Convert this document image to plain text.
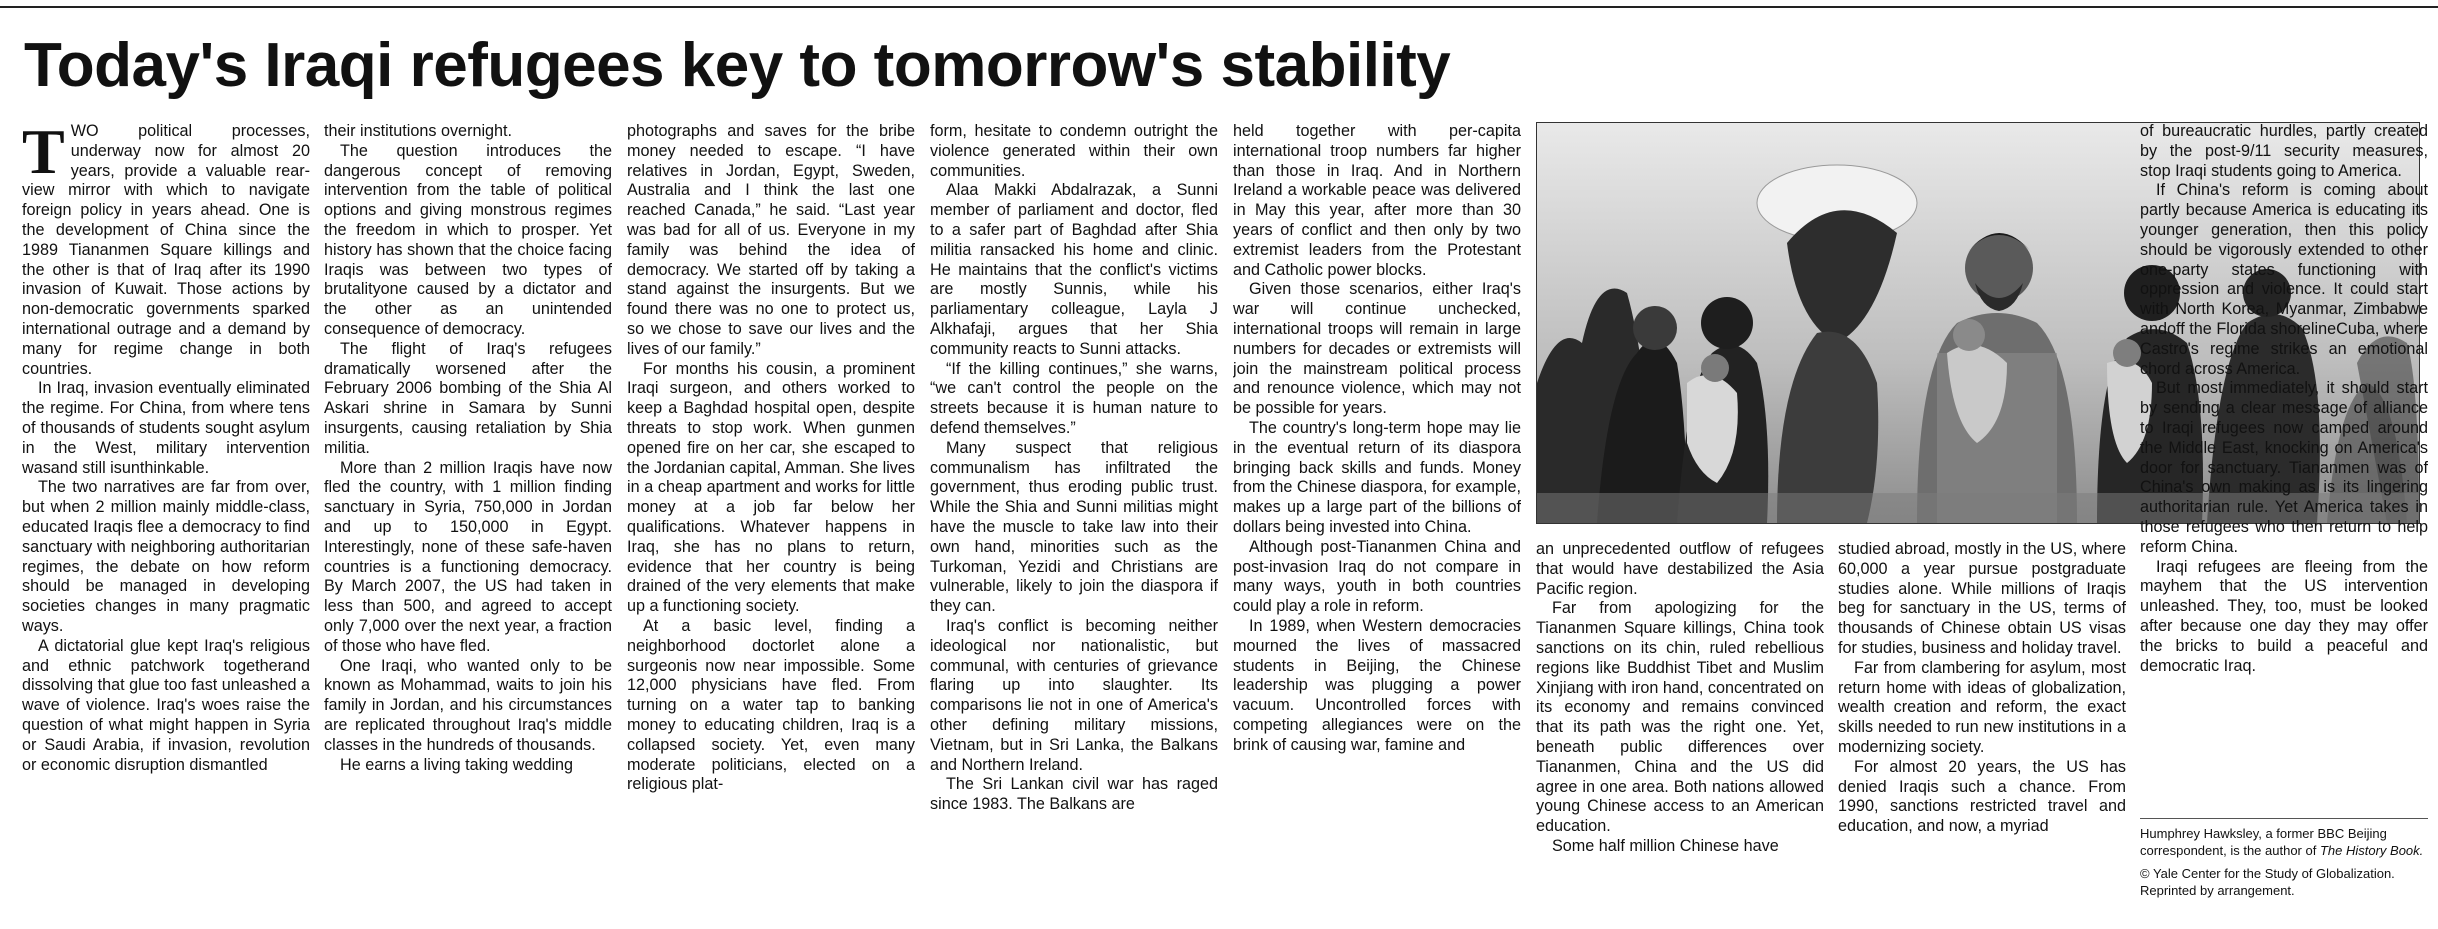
Today's Iraqi refugees key to tomorrow's stability
T WO political processes, underway now for almost 20 years, provide a valuable rear-view mirror with which to navigate foreign policy in years ahead. One is the development of China since the 1989 Tiananmen Square killings and the other is that of Iraq after its 1990 invasion of Kuwait. Those actions by non-democratic governments sparked international outrage and a demand by many for regime change in both countries.

In Iraq, invasion eventually eliminated the regime. For China, from where tens of thousands of students sought asylum in the West, military intervention wasand still isunthinkable.

The two narratives are far from over, but when 2 million mainly middle-class, educated Iraqis flee a democracy to find sanctuary with neighboring authoritarian regimes, the debate on how reform should be managed in developing societies changes in many pragmatic ways.

A dictatorial glue kept Iraq's religious and ethnic patchwork togetherand dissolving that glue too fast unleashed a wave of violence. Iraq's woes raise the question of what might happen in Syria or Saudi Arabia, if invasion, revolution or economic disruption dismantled

their institutions overnight.

The question introduces the dangerous concept of removing intervention from the table of political options and giving monstrous regimes the freedom in which to prosper. Yet history has shown that the choice facing Iraqis was between two types of brutalityone caused by a dictator and the other as an unintended consequence of democracy.

The flight of Iraq's refugees dramatically worsened after the February 2006 bombing of the Shia Al Askari shrine in Samara by Sunni insurgents, causing retaliation by Shia militia.

More than 2 million Iraqis have now fled the country, with 1 million finding sanctuary in Syria, 750,000 in Jordan and up to 150,000 in Egypt. Interestingly, none of these safe-haven countries is a functioning democracy. By March 2007, the US had taken in less than 500, and agreed to accept only 7,000 over the next year, a fraction of those who have fled.

One Iraqi, who wanted only to be known as Mohammad, waits to join his family in Jordan, and his circumstances are replicated throughout Iraq's middle classes in the hundreds of thousands.

He earns a living taking wedding

photographs and saves for the bribe money needed to escape. “I have relatives in Jordan, Egypt, Sweden, Australia and I think the last one reached Canada,” he said. “Last year was bad for all of us. Everyone in my family was behind the idea of democracy. We started off by taking a stand against the insurgents. But we found there was no one to protect us, so we chose to save our lives and the lives of our family.”

For months his cousin, a prominent Iraqi surgeon, and others worked to keep a Baghdad hospital open, despite threats to stop work. When gunmen opened fire on her car, she escaped to the Jordanian capital, Amman. She lives in a cheap apartment and works for little money at a job far below her qualifications. Whatever happens in Iraq, she has no plans to return, evidence that her country is being drained of the very elements that make up a functioning society.

At a basic level, finding a neighborhood doctorlet alone a surgeonis now near impossible. Some 12,000 physicians have fled. From turning on a water tap to banking money to educating children, Iraq is a collapsed society. Yet, even many moderate politicians, elected on a religious plat-

form, hesitate to condemn outright the violence generated within their own communities.

Alaa Makki Abdalrazak, a Sunni member of parliament and doctor, fled to a safer part of Baghdad after Shia militia ransacked his home and clinic. He maintains that the conflict's victims are mostly Sunnis, while his parliamentary colleague, Layla J Alkhafaji, argues that her Shia community reacts to Sunni attacks.

“If the killing continues,” she warns, “we can't control the people on the streets because it is human nature to defend themselves.”

Many suspect that religious communalism has infiltrated the government, thus eroding public trust. While the Shia and Sunni militias might have the muscle to take law into their own hand, minorities such as the Turkoman, Yezidi and Christians are vulnerable, likely to join the diaspora if they can.

Iraq's conflict is becoming neither ideological nor nationalistic, but communal, with centuries of grievance flaring up into slaughter. Its comparisons lie not in one of America's other defining military missions, Vietnam, but in Sri Lanka, the Balkans and Northern Ireland.

The Sri Lankan civil war has raged since 1983. The Balkans are

held together with per-capita international troop numbers far higher than those in Iraq. And in Northern Ireland a workable peace was delivered in May this year, after more than 30 years of conflict and then only by two extremist leaders from the Protestant and Catholic power blocks.

Given those scenarios, either Iraq's war will continue unchecked, international troops will remain in large numbers for decades or extremists will join the mainstream political process and renounce violence, which may not be possible for years.

The country's long-term hope may lie in the eventual return of its diaspora bringing back skills and funds. Money from the Chinese diaspora, for example, makes up a large part of the billions of dollars being invested into China.

Although post-Tiananmen China and post-invasion Iraq do not compare in many ways, youth in both countries could play a role in reform.

In 1989, when Western democracies mourned the lives of massacred students in Beijing, the Chinese leadership was plugging a power vacuum. Uncontrolled forces with competing allegiances were on the brink of causing war, famine and

an unprecedented outflow of refugees that would have destabilized the Asia Pacific region.

Far from apologizing for the Tiananmen Square killings, China took sanctions on its chin, ruled rebellious regions like Buddhist Tibet and Muslim Xinjiang with iron hand, concentrated on its economy and remains convinced that its path was the right one. Yet, beneath public differences over Tiananmen, China and the US did agree in one area. Both nations allowed young Chinese access to an American education.

Some half million Chinese have

studied abroad, mostly in the US, where 60,000 a year pursue postgraduate studies alone. While millions of Iraqis beg for sanctuary in the US, terms of thousands of Chinese obtain US visas for studies, business and holiday travel.

Far from clambering for asylum, most return home with ideas of globalization, wealth creation and reform, the exact skills needed to run new institutions in a modernizing society.

For almost 20 years, the US has denied Iraqis such a chance. From 1990, sanctions restricted travel and education, and now, a myriad

of bureaucratic hurdles, partly created by the post-9/11 security measures, stop Iraqi students going to America.

If China's reform is coming about partly because America is educating its younger generation, then this policy should be vigorously extended to other one-party states functioning with oppression and violence. It could start with North Korea, Myanmar, Zimbabwe andoff the Florida shorelineCuba, where Castro's regime strikes an emotional chord across America.

But most immediately, it should start by sending a clear message of alliance to Iraqi refugees now camped around the Middle East, knocking on America's door for sanctuary. Tiananmen was of China's own making as is its lingering authoritarian rule. Yet America takes in those refugees who then return to help reform China.

Iraqi refugees are fleeing from the mayhem that the US intervention unleashed. They, too, must be looked after because one day they may offer the bricks to build a peaceful and democratic Iraq.

Humphrey Hawksley, a former BBC Beijing correspondent, is the author of The History Book.

© Yale Center for the Study of Globalization. Reprinted by arrangement.
